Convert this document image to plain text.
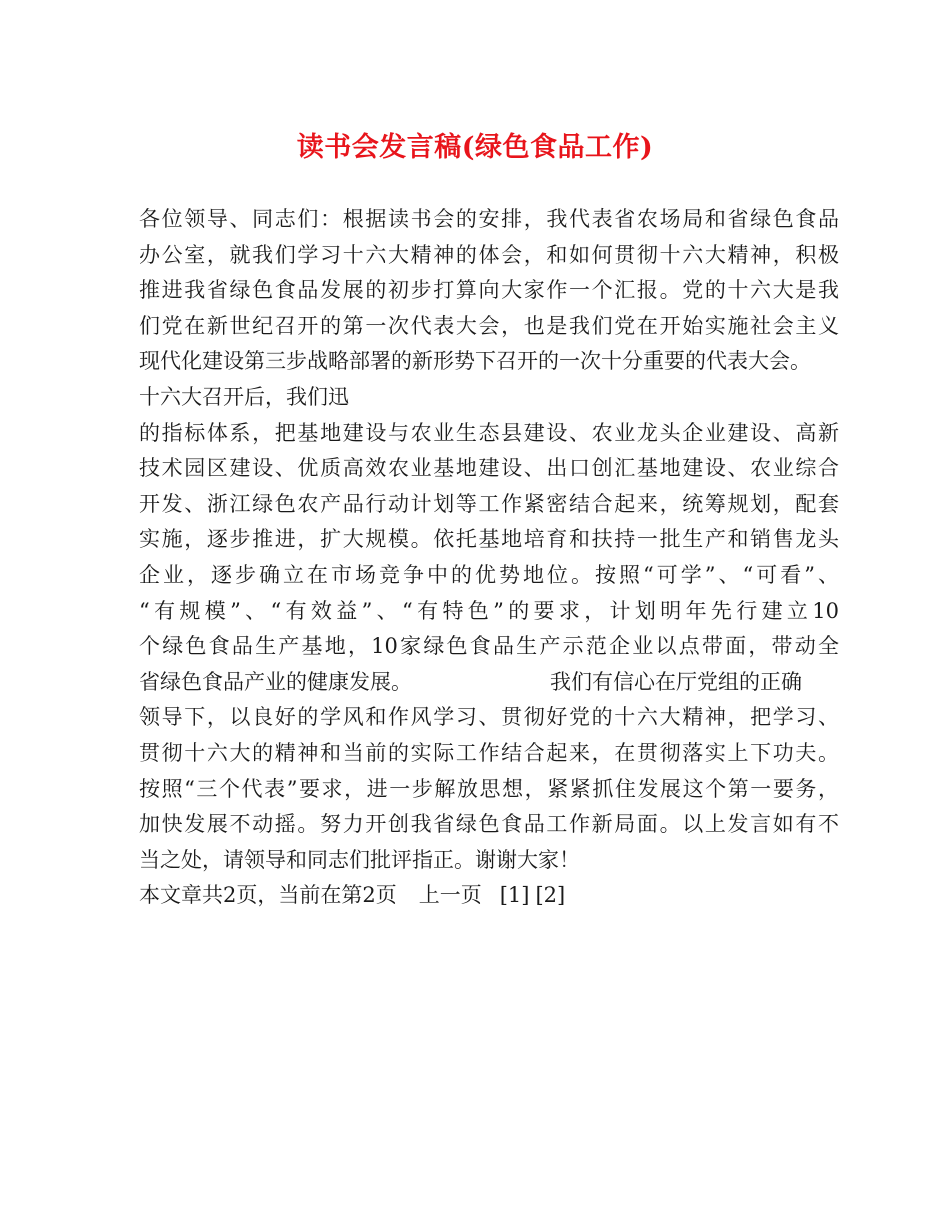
读书会发言稿(绿色食品工作)
各位领导、同志们：根据读书会的安排，我代表省农场局和省绿色食品
办公室，就我们学习十六大精神的体会，和如何贯彻十六大精神，积极
推进我省绿色食品发展的初步打算向大家作一个汇报。党的十六大是我
们党在新世纪召开的第一次代表大会，也是我们党在开始实施社会主义
现代化建设第三步战略部署的新形势下召开的一次十分重要的代表大会。
十六大召开后，我们迅
的指标体系，把基地建设与农业生态县建设、农业龙头企业建设、高新
技术园区建设、优质高效农业基地建设、出口创汇基地建设、农业综合
开发、浙江绿色农产品行动计划等工作紧密结合起来，统筹规划，配套
实施，逐步推进，扩大规模。依托基地培育和扶持一批生产和销售龙头
企业，逐步确立在市场竞争中的优势地位。按照“可学”、“可看”、
“有规模”、“有效益”、“有特色”的要求，计划明年先行建立10
个绿色食品生产基地，10家绿色食品生产示范企业以点带面，带动全
省绿色食品产业的健康发展。	我们有信心在厅党组的正确
领导下，以良好的学风和作风学习、贯彻好党的十六大精神，把学习、
贯彻十六大的精神和当前的实际工作结合起来，在贯彻落实上下功夫。
按照“三个代表”要求，进一步解放思想，紧紧抓住发展这个第一要务，
加快发展不动摇。努力开创我省绿色食品工作新局面。以上发言如有不
当之处，请领导和同志们批评指正。谢谢大家！
本文章共2页，当前在第2页 上一页 [1] [2]
